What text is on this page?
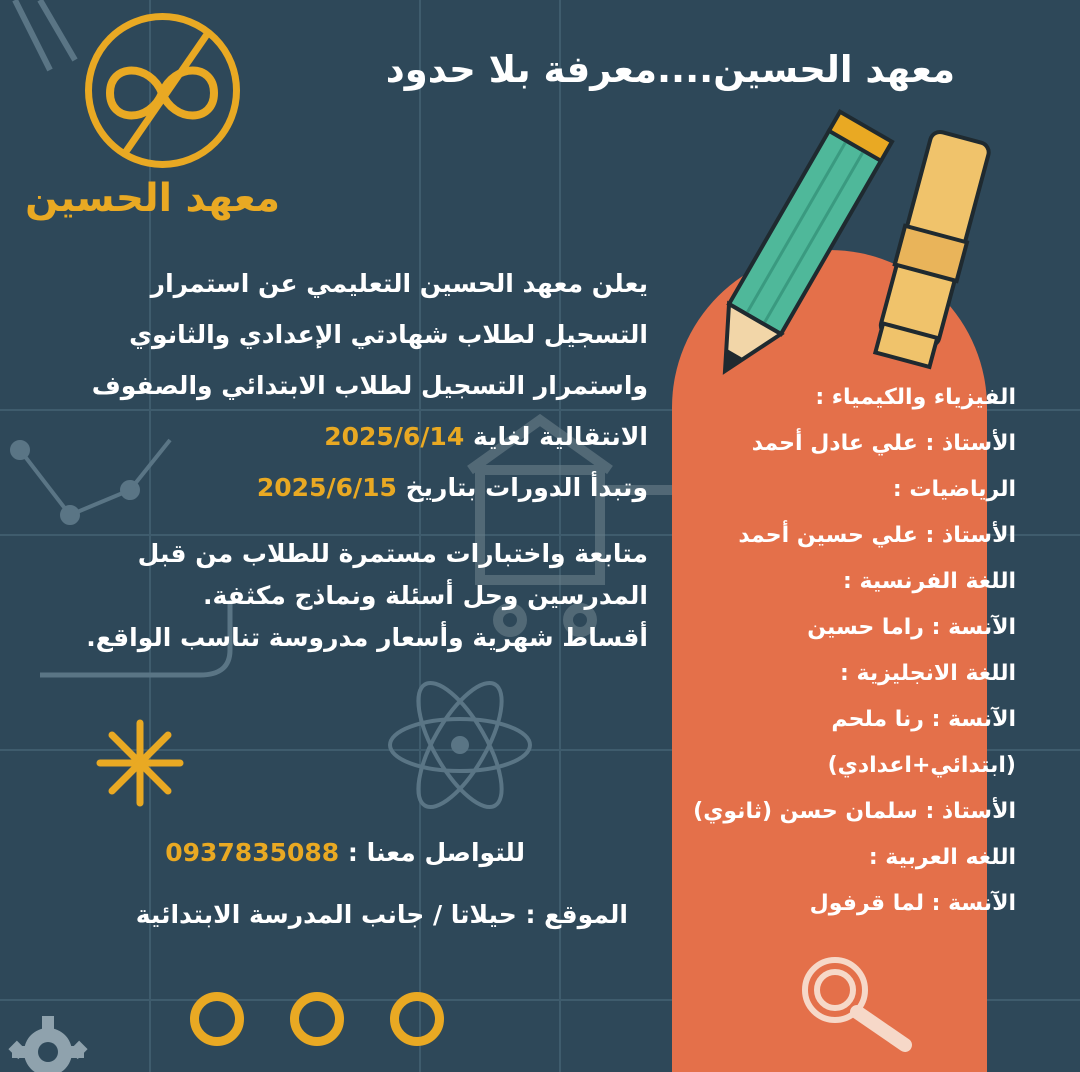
معهد الحسين
معهد الحسين....معرفة بلا حدود

يعلن معهد الحسين التعليمي عن استمرار

التسجيل لطلاب شهادتي الإعدادي والثانوي

واستمرار التسجيل لطلاب الابتدائي والصفوف

الانتقالية لغاية 2025/6/14

وتبدأ الدورات بتاريخ 2025/6/15

متابعة واختبارات مستمرة للطلاب من قبل

المدرسين وحل أسئلة ونماذج مكثفة.

أقساط شهرية وأسعار مدروسة تناسب الواقع.

للتواصل معنا : 0937835088
الموقع : حيلاتا / جانب المدرسة الابتدائية

الفيزياء والكيمياء :

الأستاذ : علي عادل أحمد

الرياضيات :

الأستاذ : علي حسين أحمد

اللغة الفرنسية :

الآنسة : راما حسين

اللغة الانجليزية :

الآنسة : رنا ملحم

(ابتدائي+اعدادي)

الأستاذ : سلمان حسن (ثانوي)

اللغه العربية :

الآنسة : لما قرفول
